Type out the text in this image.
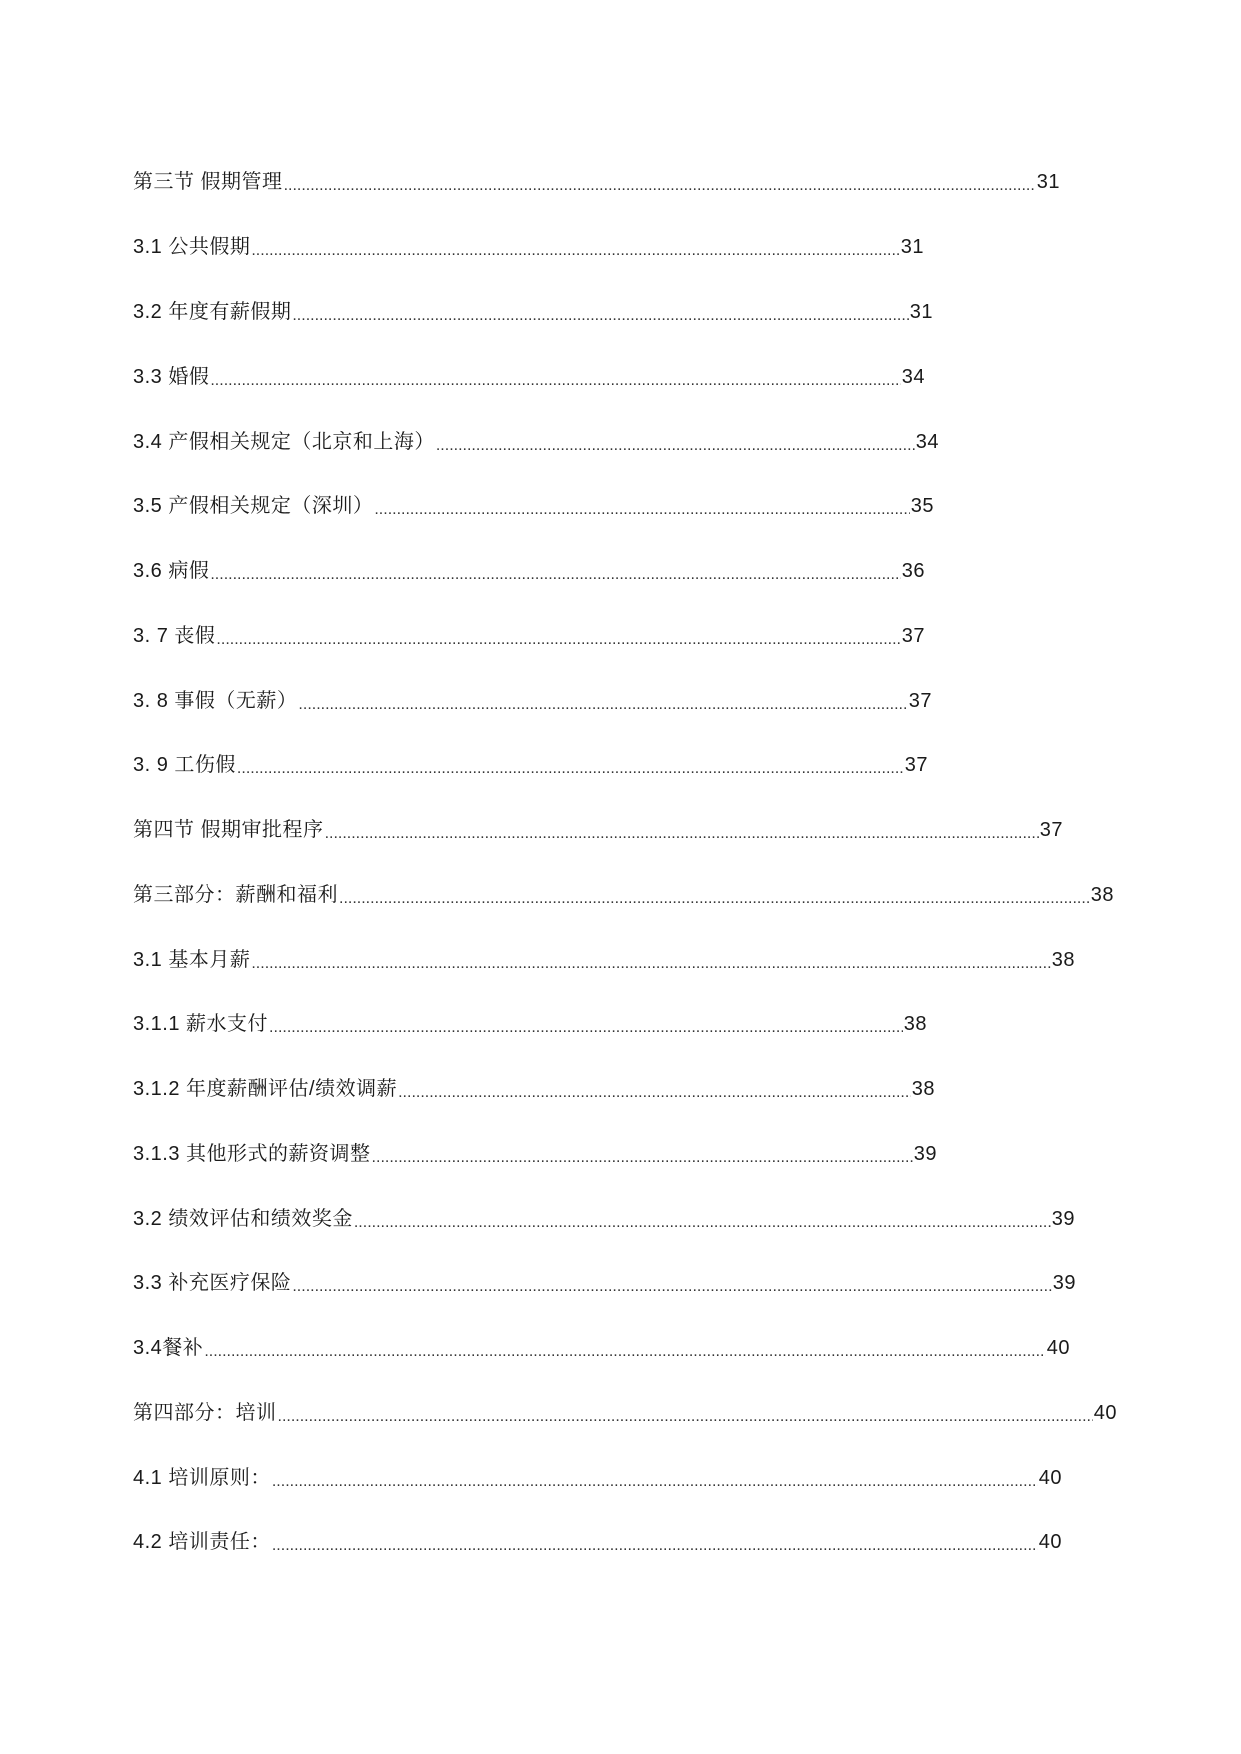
第三节 假期管理 .....	31
3.1 公共假期 .....	31
3.2 年度有薪假期 .....	31
3.3 婚假 .....	34
3.4 产假相关规定（北京和上海） .....	34
3.5 产假相关规定（深圳） .....	35
3.6 病假 .....	36
3. 7 丧假 .....	37
3. 8 事假（无薪） .....	37
3. 9 工伤假 .....	37
第四节 假期审批程序 .....	37
第三部分：薪酬和福利 .....	38
3.1 基本月薪 .....	38
3.1.1 薪水支付 .....	38
3.1.2 年度薪酬评估/绩效调薪 .....	38
3.1.3 其他形式的薪资调整 .....	39
3.2 绩效评估和绩效奖金 .....	39
3.3 补充医疗保险 .....	39
3.4餐补 .....	40
第四部分：培训 .....	40
4.1 培训原则： .....	40
4.2 培训责任： .....	40
